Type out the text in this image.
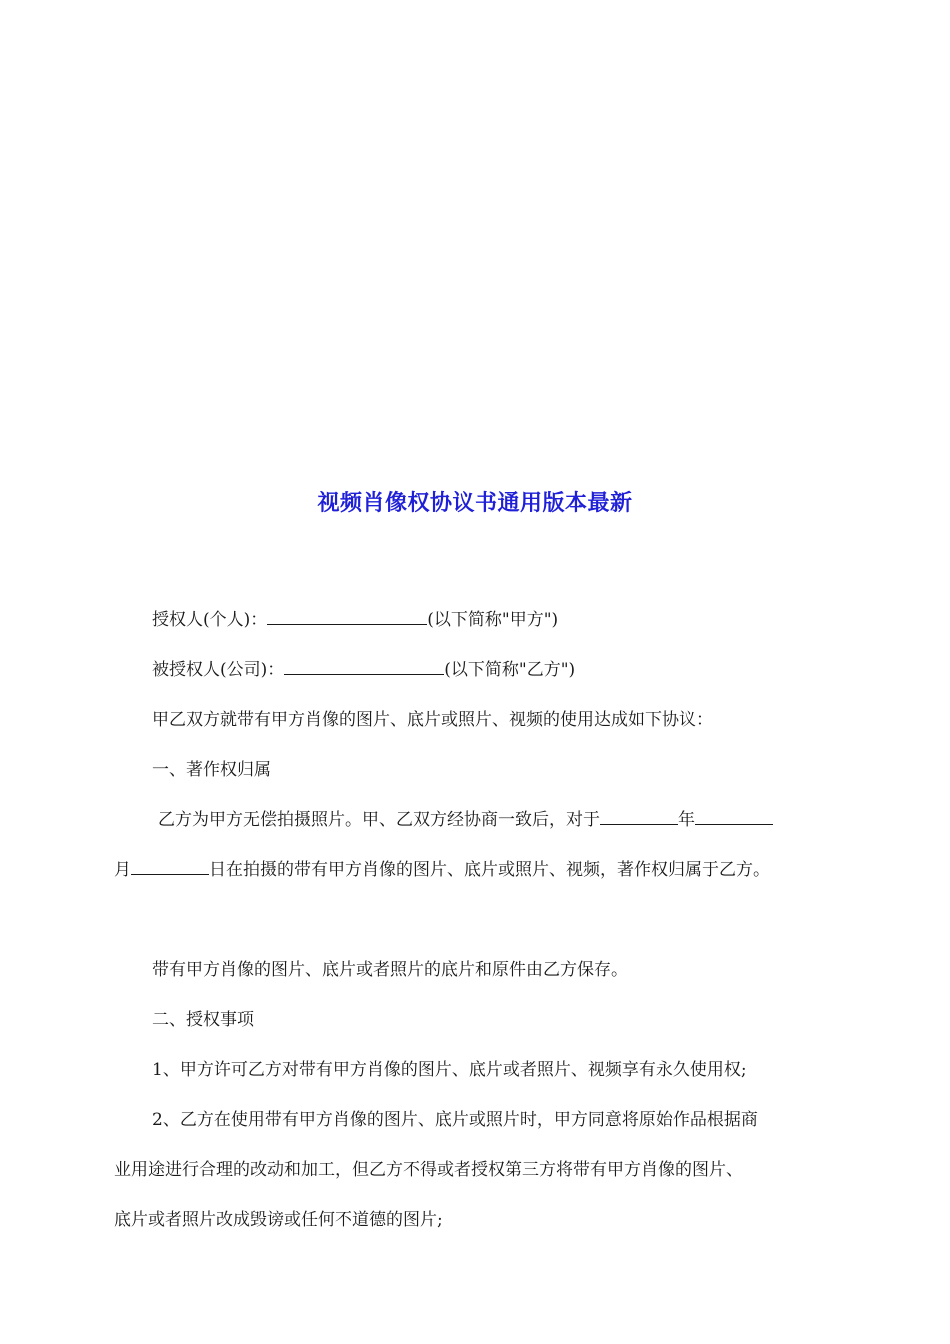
视频肖像权协议书通用版本最新
授权人(个人)：	(以下简称"甲方")
被授权人(公司)：	(以下简称"乙方")
甲乙双方就带有甲方肖像的图片、底片或照片、视频的使用达成如下协议：
一、著作权归属
乙方为甲方无偿拍摄照片。甲、乙双方经协商一致后，对于	年
月	日在拍摄的带有甲方肖像的图片、底片或照片、视频，著作权归属于乙方。
带有甲方肖像的图片、底片或者照片的底片和原件由乙方保存。
二、授权事项
1、甲方许可乙方对带有甲方肖像的图片、底片或者照片、视频享有永久使用权;
2、乙方在使用带有甲方肖像的图片、底片或照片时，甲方同意将原始作品根据商
业用途进行合理的改动和加工，但乙方不得或者授权第三方将带有甲方肖像的图片、
底片或者照片改成毁谤或任何不道德的图片;
